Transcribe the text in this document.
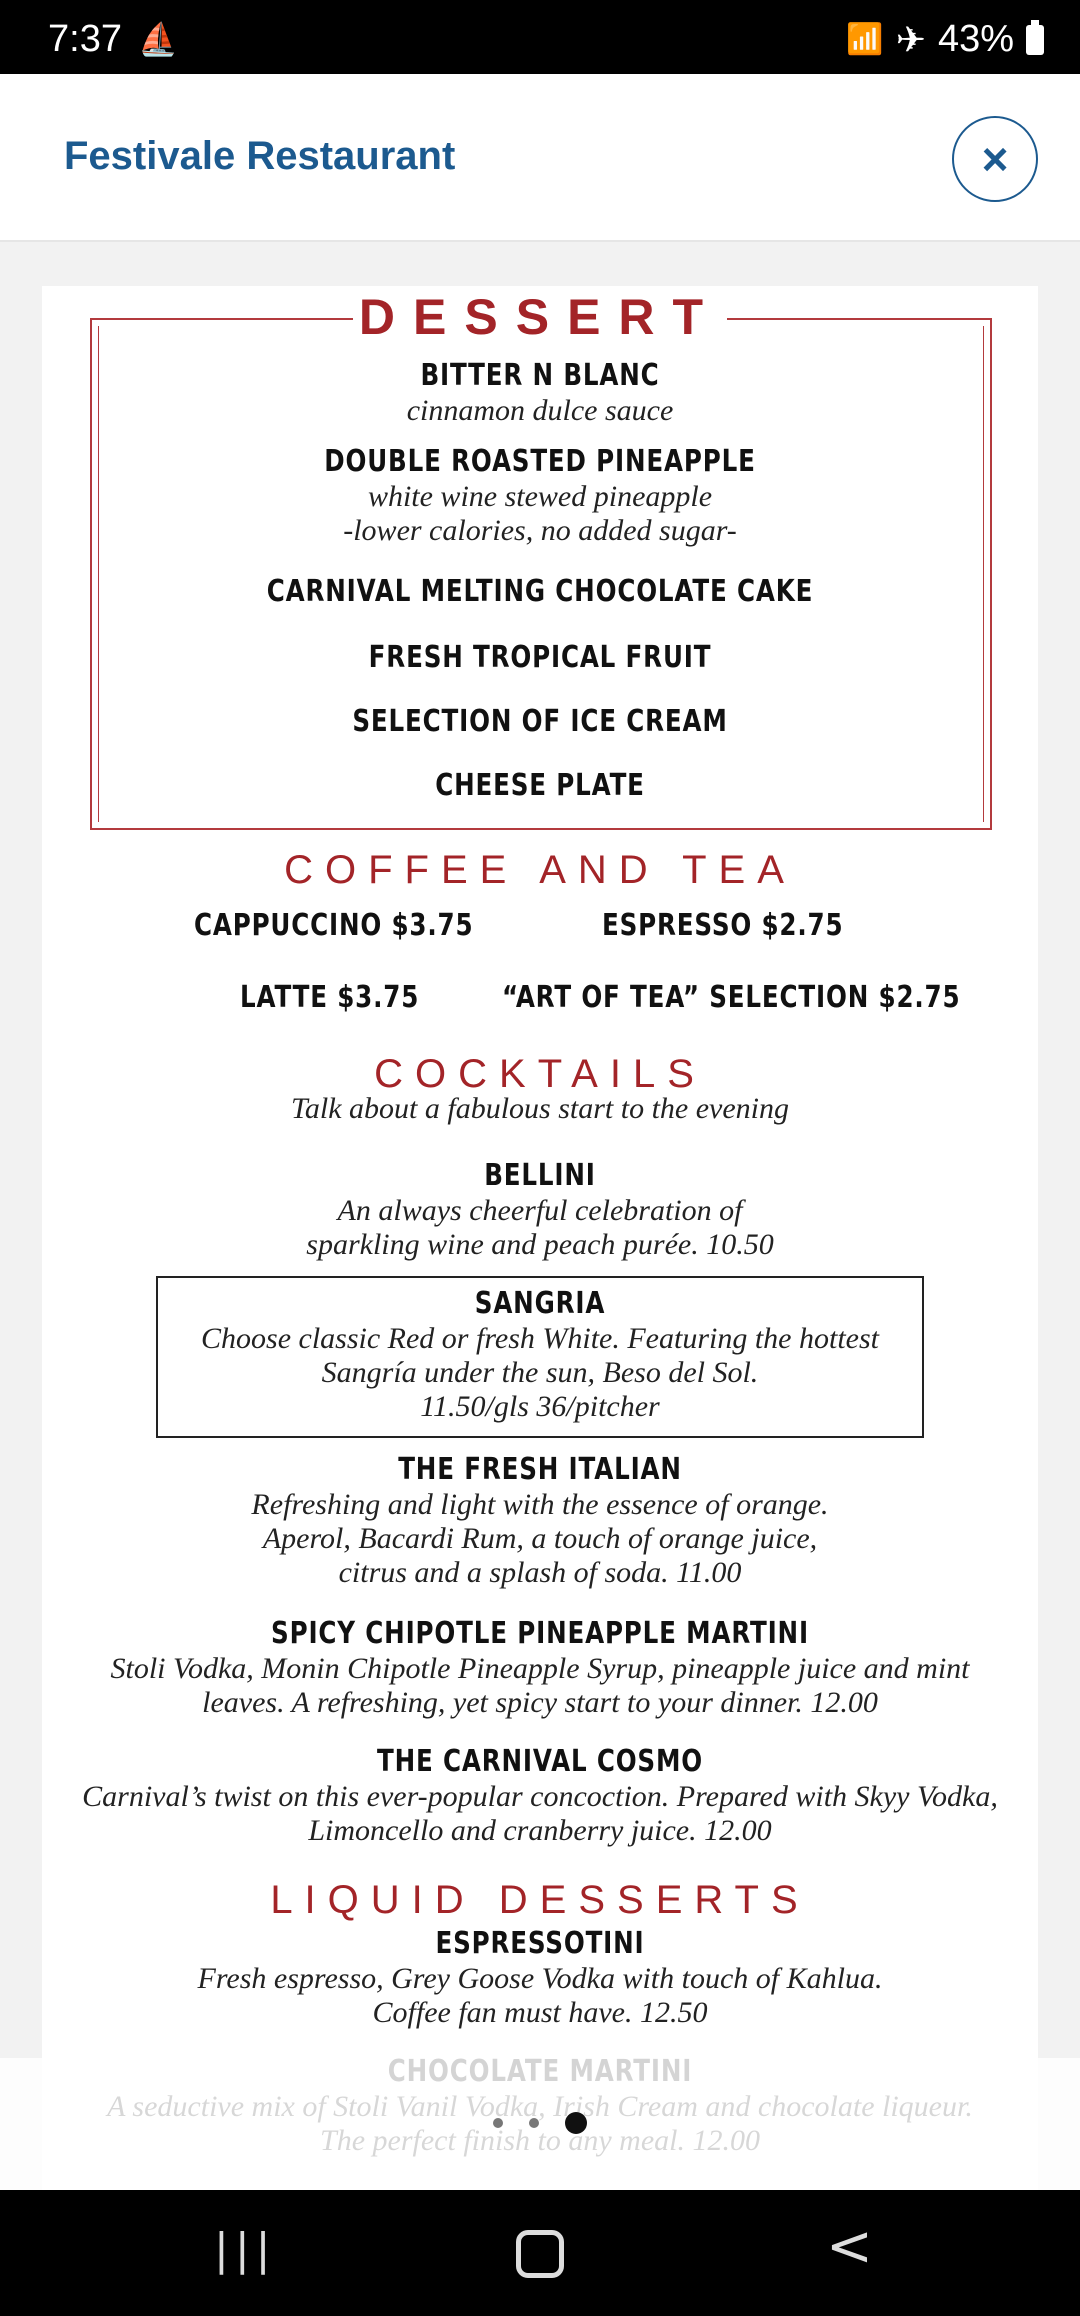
7:37 ⛵	📶 ✈ 43%
Festivale Restaurant	×
DESSERT
BITTER N BLANC
cinnamon dulce sauce
DOUBLE ROASTED PINEAPPLE
white wine stewed pineapple
-lower calories, no added sugar-
CARNIVAL MELTING CHOCOLATE CAKE
FRESH TROPICAL FRUIT
SELECTION OF ICE CREAM
CHEESE PLATE
COFFEE AND TEA
CAPPUCCINO $3.75	ESPRESSO $2.75
LATTE $3.75	“ART OF TEA” SELECTION $2.75
COCKTAILS
Talk about a fabulous start to the evening
BELLINI
An always cheerful celebration of
sparkling wine and peach purée. 10.50
SANGRIA
Choose classic Red or fresh White. Featuring the hottest
Sangría under the sun, Beso del Sol.
11.50/gls 36/pitcher
THE FRESH ITALIAN
Refreshing and light with the essence of orange.
Aperol, Bacardi Rum, a touch of orange juice,
citrus and a splash of soda. 11.00
SPICY CHIPOTLE PINEAPPLE MARTINI
Stoli Vodka, Monin Chipotle Pineapple Syrup, pineapple juice and mint
leaves. A refreshing, yet spicy start to your dinner. 12.00
THE CARNIVAL COSMO
Carnival’s twist on this ever-popular concoction. Prepared with Skyy Vodka,
Limoncello and cranberry juice. 12.00
LIQUID DESSERTS
ESPRESSOTINI
Fresh espresso, Grey Goose Vodka with touch of Kahlua.
Coffee fan must have. 12.50
|||	<
